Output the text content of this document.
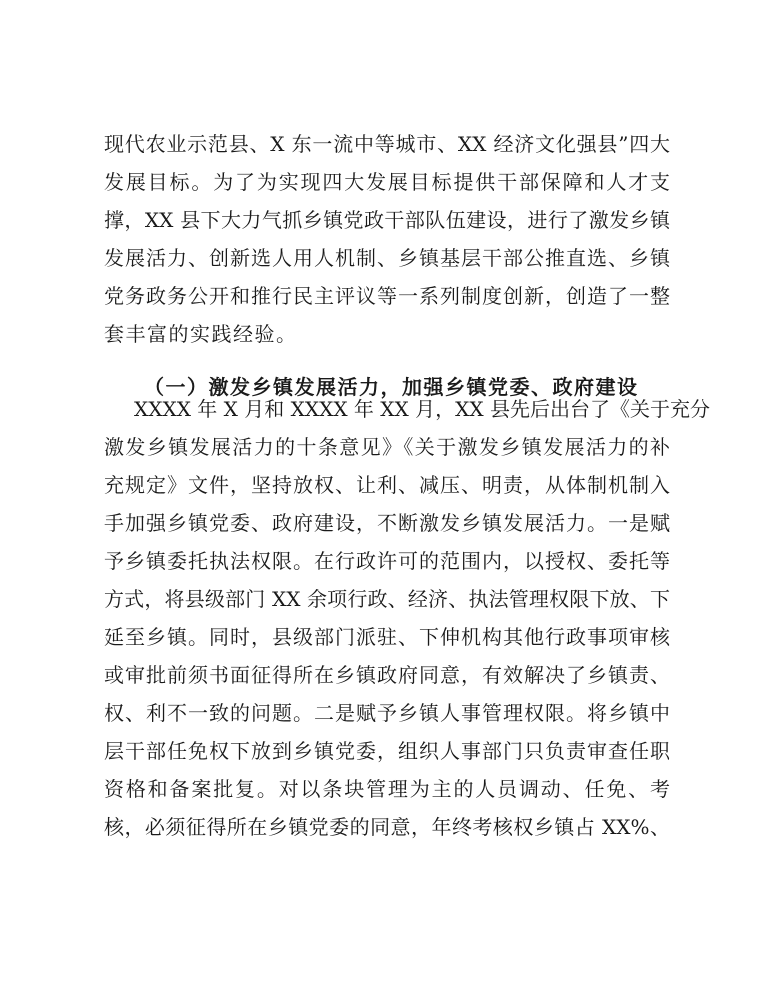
现代农业示范县、X 东一流中等城市、XX 经济文化强县”四大
发展目标。为了为实现四大发展目标提供干部保障和人才支
撑，XX 县下大力气抓乡镇党政干部队伍建设，进行了激发乡镇
发展活力、创新选人用人机制、乡镇基层干部公推直选、乡镇
党务政务公开和推行民主评议等一系列制度创新，创造了一整
套丰富的实践经验。
（一）激发乡镇发展活力，加强乡镇党委、政府建设
XXXX 年 X 月和 XXXX 年 XX 月，XX 县先后出台了《关于充分
激发乡镇发展活力的十条意见》《关于激发乡镇发展活力的补
充规定》文件，坚持放权、让利、减压、明责，从体制机制入
手加强乡镇党委、政府建设，不断激发乡镇发展活力。一是赋
予乡镇委托执法权限。在行政许可的范围内，以授权、委托等
方式，将县级部门 XX 余项行政、经济、执法管理权限下放、下
延至乡镇。同时，县级部门派驻、下伸机构其他行政事项审核
或审批前须书面征得所在乡镇政府同意，有效解决了乡镇责、
权、利不一致的问题。二是赋予乡镇人事管理权限。将乡镇中
层干部任免权下放到乡镇党委，组织人事部门只负责审查任职
资格和备案批复。对以条块管理为主的人员调动、任免、考
核，必须征得所在乡镇党委的同意，年终考核权乡镇占 XX%、
